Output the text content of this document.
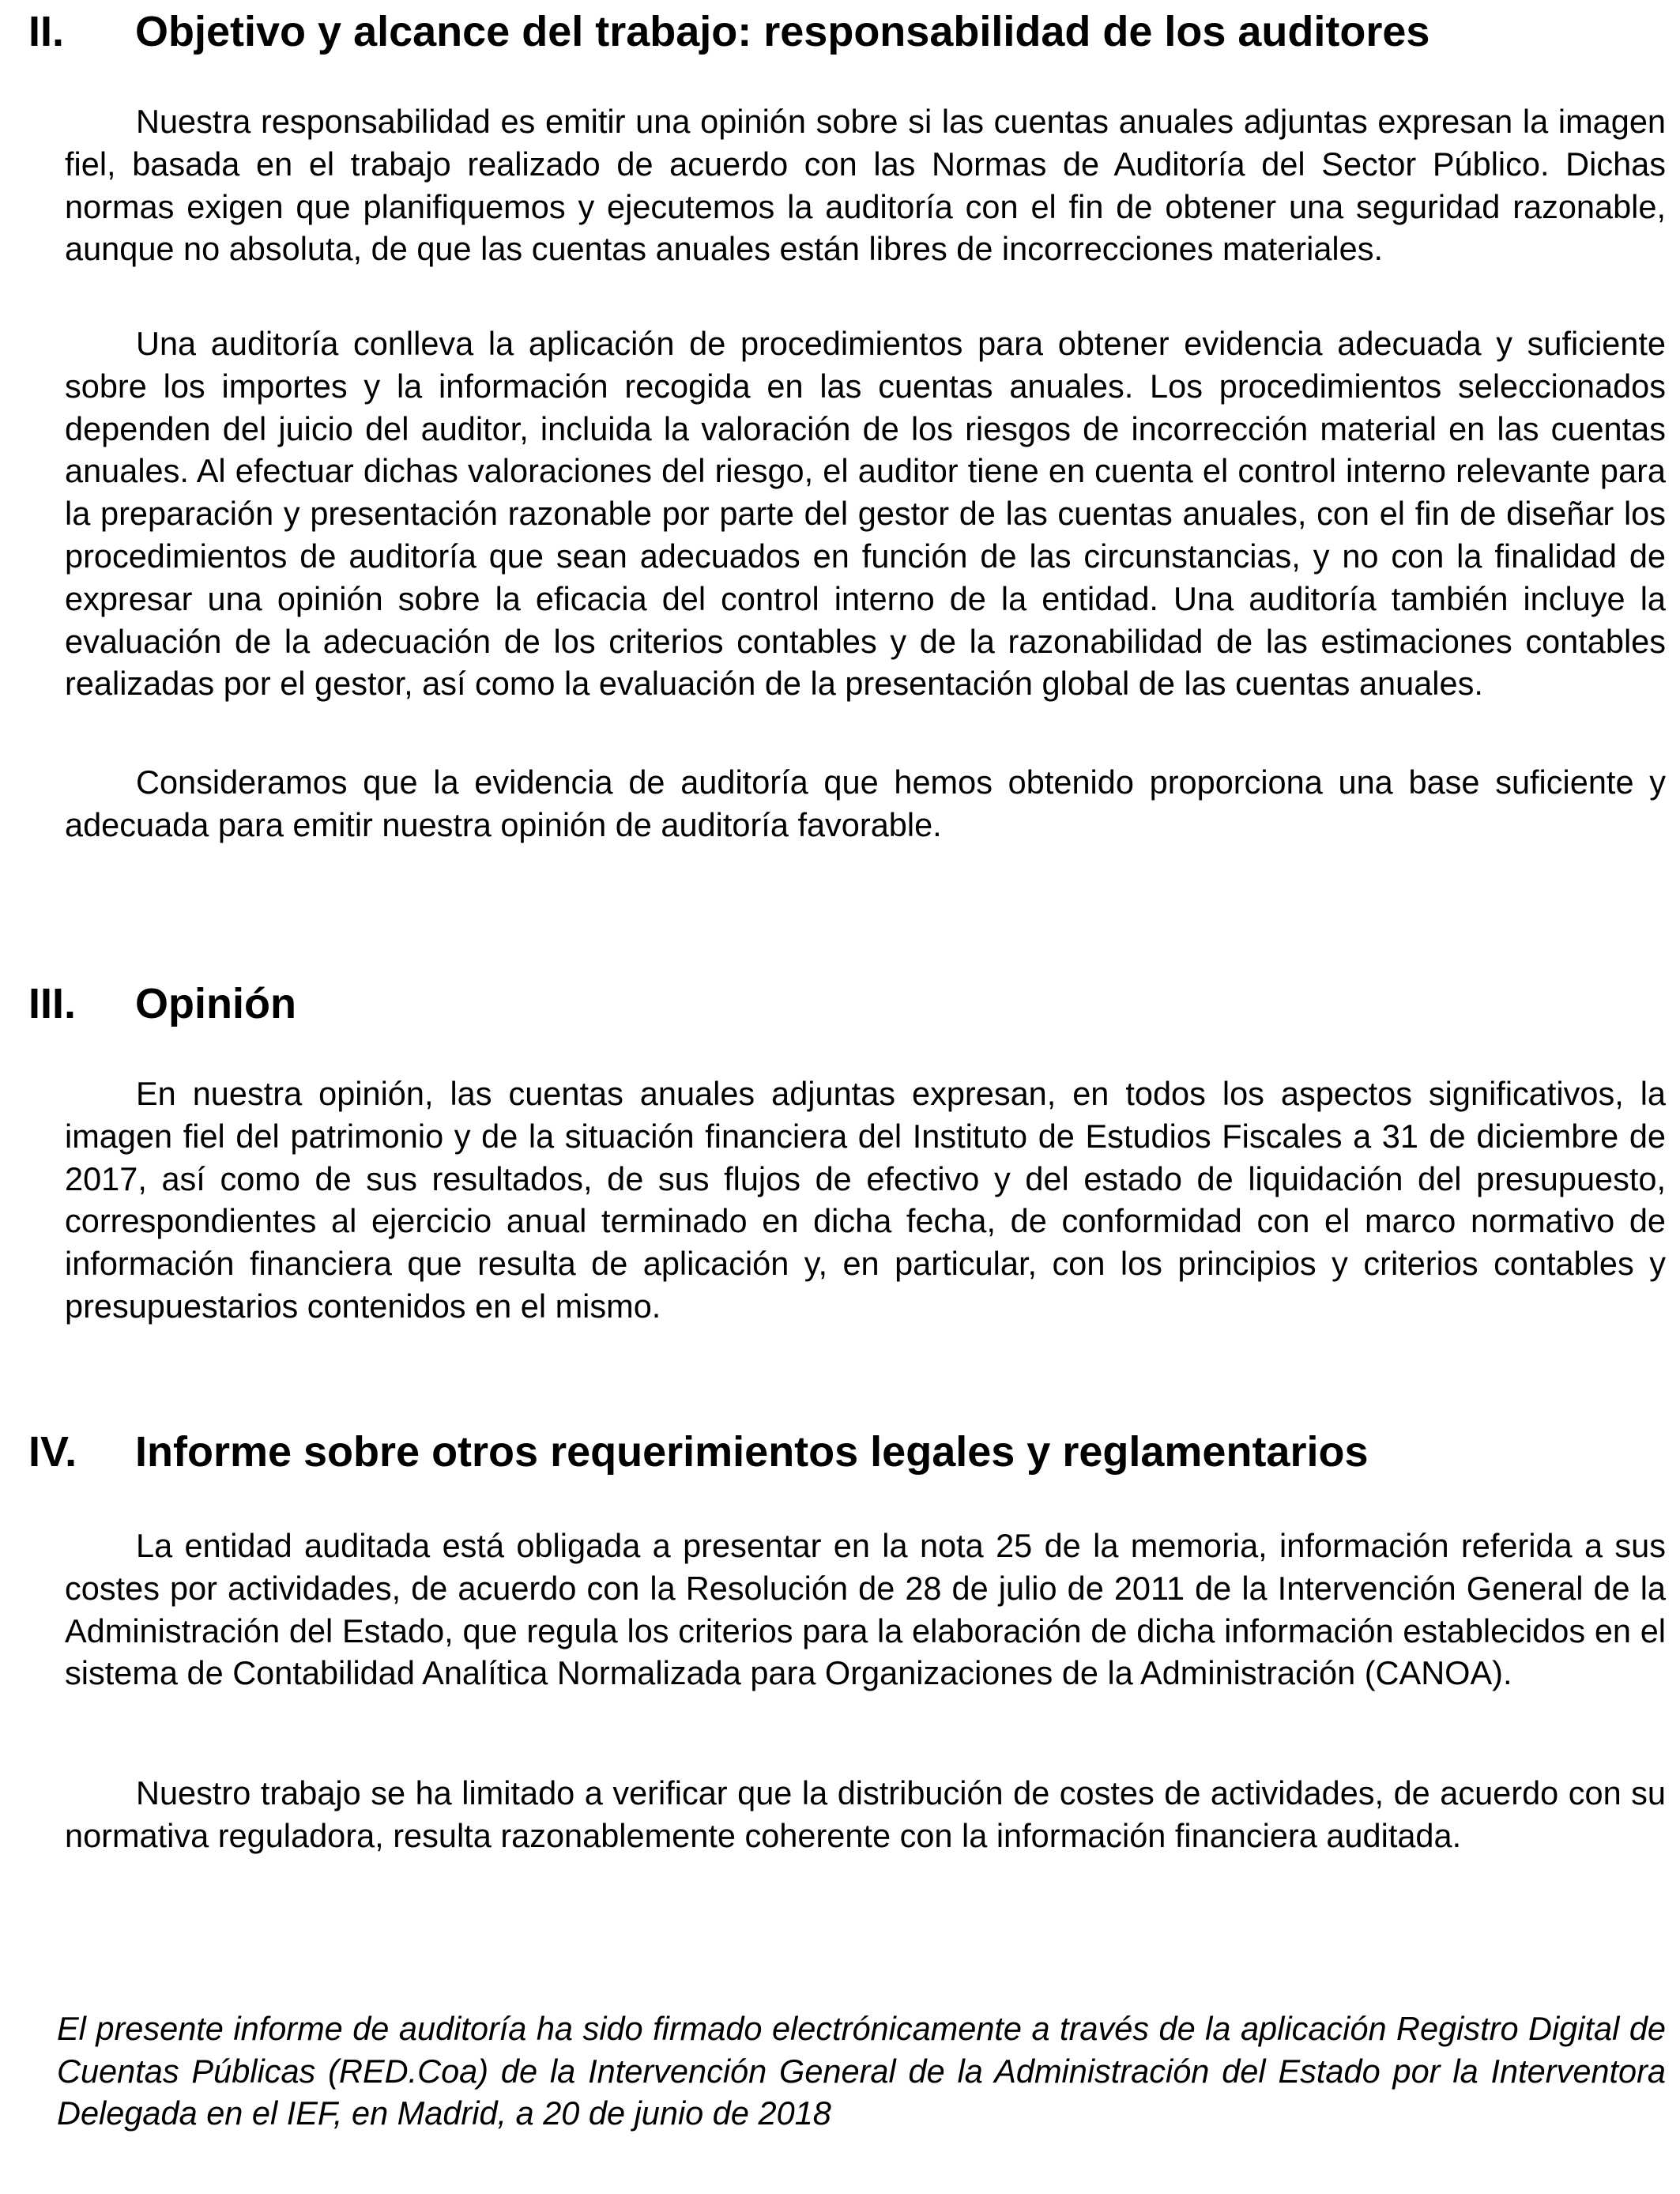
II. Objetivo y alcance del trabajo: responsabilidad de los auditores

Nuestra responsabilidad es emitir una opinión sobre si las cuentas anuales adjuntas expresan la imagen fiel, basada en el trabajo realizado de acuerdo con las Normas de Auditoría del Sector Público. Dichas normas exigen que planifiquemos y ejecutemos la auditoría con el fin de obtener una seguridad razonable, aunque no absoluta, de que las cuentas anuales están libres de incorrecciones materiales.

Una auditoría conlleva la aplicación de procedimientos para obtener evidencia adecuada y suficiente sobre los importes y la información recogida en las cuentas anuales. Los procedimientos seleccionados dependen del juicio del auditor, incluida la valoración de los riesgos de incorrección material en las cuentas anuales. Al efectuar dichas valoraciones del riesgo, el auditor tiene en cuenta el control interno relevante para la preparación y presentación razonable por parte del gestor de las cuentas anuales, con el fin de diseñar los procedimientos de auditoría que sean adecuados en función de las circunstancias, y no con la finalidad de expresar una opinión sobre la eficacia del control interno de la entidad. Una auditoría también incluye la evaluación de la adecuación de los criterios contables y de la razonabilidad de las estimaciones contables realizadas por el gestor, así como la evaluación de la presentación global de las cuentas anuales.

Consideramos que la evidencia de auditoría que hemos obtenido proporciona una base suficiente y adecuada para emitir nuestra opinión de auditoría favorable.

III. Opinión

En nuestra opinión, las cuentas anuales adjuntas expresan, en todos los aspectos significativos, la imagen fiel del patrimonio y de la situación financiera del Instituto de Estudios Fiscales a 31 de diciembre de 2017, así como de sus resultados, de sus flujos de efectivo y del estado de liquidación del presupuesto, correspondientes al ejercicio anual terminado en dicha fecha, de conformidad con el marco normativo de información financiera que resulta de aplicación y, en particular, con los principios y criterios contables y presupuestarios contenidos en el mismo.

IV. Informe sobre otros requerimientos legales y reglamentarios

La entidad auditada está obligada a presentar en la nota 25 de la memoria, información referida a sus costes por actividades, de acuerdo con la Resolución de 28 de julio de 2011 de la Intervención General de la Administración del Estado, que regula los criterios para la elaboración de dicha información establecidos en el sistema de Contabilidad Analítica Normalizada para Organizaciones de la Administración (CANOA).

Nuestro trabajo se ha limitado a verificar que la distribución de costes de actividades, de acuerdo con su normativa reguladora, resulta razonablemente coherente con la información financiera auditada.

El presente informe de auditoría ha sido firmado electrónicamente a través de la aplicación Registro Digital de Cuentas Públicas (RED.Coa) de la Intervención General de la Administración del Estado por la Interventora Delegada en el IEF, en Madrid, a 20 de junio de 2018
